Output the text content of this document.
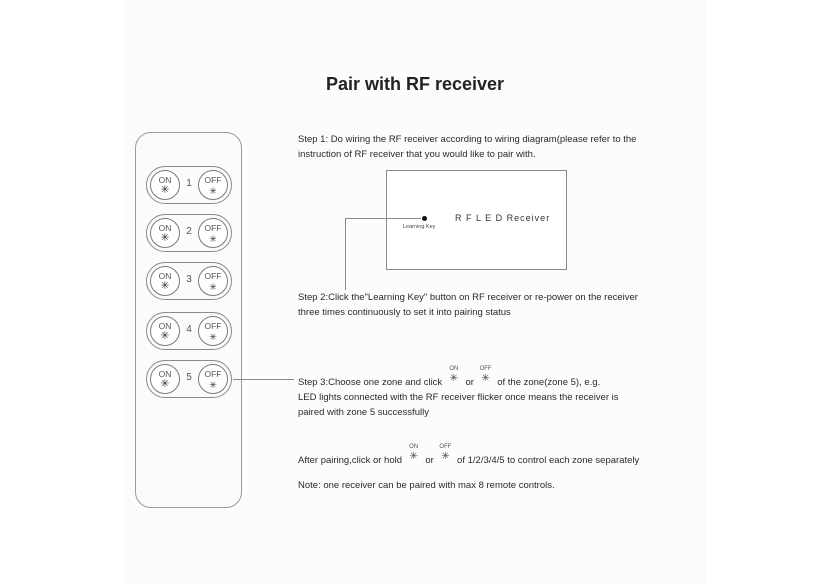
Pair with RF receiver
ON
✳
1	OFF
✳
ON
✳
2	OFF
✳
ON
✳
3	OFF
✳
ON
✳
4	OFF
✳
ON
✳
5	OFF
✳
Step 1: Do wiring the RF receiver according to wiring diagram(please refer to the
instruction of RF receiver that you would like to pair with.
Learning Key
R F L E D Receiver
Step 2:Click the"Learning Key" button on RF receiver or re-power on the receiver
three times continuously to set it into pairing status
Step 3:Choose one zone and click
ON
✳ or
OFF
✳ of the zone(zone 5), e.g.
LED lights connected with the RF receiver flicker once means the receiver is
paired with zone 5 successfully
After pairing,click or hold
ON
✳ or
OFF
✳ of 1/2/3/4/5 to control each zone separately
Note: one receiver can be paired with max 8 remote controls.
